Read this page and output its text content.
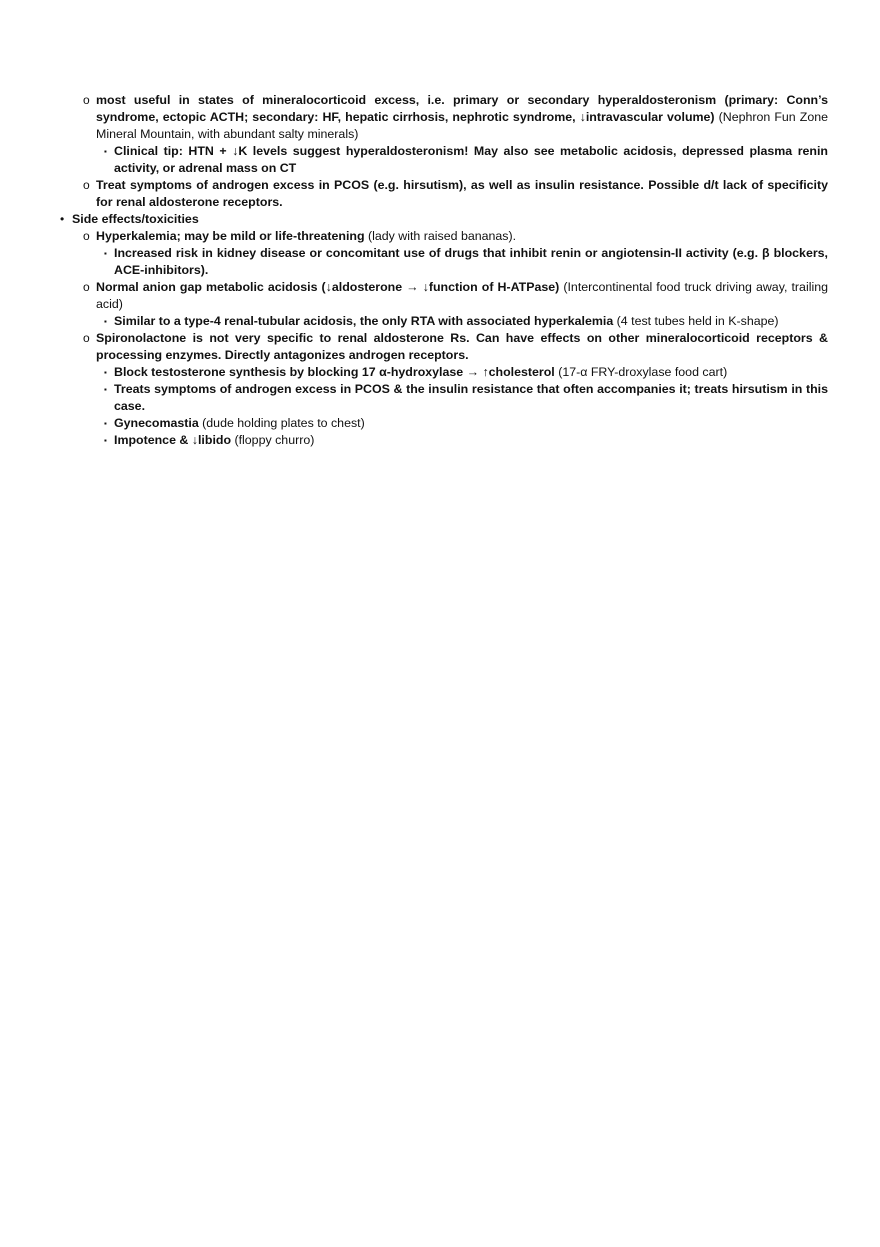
o most useful in states of mineralocorticoid excess, i.e. primary or secondary hyperaldosteronism (primary: Conn’s syndrome, ectopic ACTH; secondary: HF, hepatic cirrhosis, nephrotic syndrome, ↓intravascular volume) (Nephron Fun Zone Mineral Mountain, with abundant salty minerals)
▪ Clinical tip: HTN + ↓K levels suggest hyperaldosteronism! May also see metabolic acidosis, depressed plasma renin activity, or adrenal mass on CT
o Treat symptoms of androgen excess in PCOS (e.g. hirsutism), as well as insulin resistance. Possible d/t lack of specificity for renal aldosterone receptors.
• Side effects/toxicities
o Hyperkalemia; may be mild or life-threatening (lady with raised bananas).
▪ Increased risk in kidney disease or concomitant use of drugs that inhibit renin or angiotensin-II activity (e.g. β blockers, ACE-inhibitors).
o Normal anion gap metabolic acidosis (↓aldosterone → ↓function of H-ATPase) (Intercontinental food truck driving away, trailing acid)
▪ Similar to a type-4 renal-tubular acidosis, the only RTA with associated hyperkalemia (4 test tubes held in K-shape)
o Spironolactone is not very specific to renal aldosterone Rs. Can have effects on other mineralocorticoid receptors & processing enzymes. Directly antagonizes androgen receptors.
▪ Block testosterone synthesis by blocking 17 α-hydroxylase → ↑cholesterol (17-α FRY-droxylase food cart)
▪ Treats symptoms of androgen excess in PCOS & the insulin resistance that often accompanies it; treats hirsutism in this case.
▪ Gynecomastia (dude holding plates to chest)
▪ Impotence & ↓libido (floppy churro)
